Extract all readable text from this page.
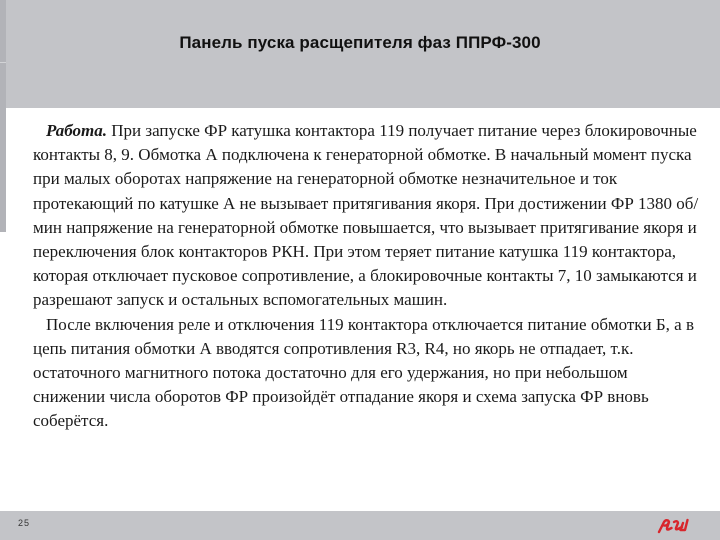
Панель пуска расщепителя фаз ППРФ-300

Работа. При запуске ФР катушка контактора 119 получает питание через блокировочные контакты 8, 9. Обмотка А подключена к генераторной обмотке. В начальный момент пуска при малых оборотах напряжение на генераторной обмотке незначительное и ток протекающий по катушке А не вызывает притягивания якоря. При достижении ФР 1380 об/мин напряжение на генераторной обмотке повышается, что вызывает притягивание якоря и переключения блок контакторов РКН. При этом теряет питание катушка 119 контактора, которая отключает пусковое сопротивление, а блокировочные контакты 7, 10 замыкаются и разрешают запуск и остальных вспомогательных машин.

После включения реле и отключения 119 контактора отключается питание обмотки Б, а в цепь питания обмотки А вводятся сопротивления R3, R4, но якорь не отпадает, т.к. остаточного магнитного потока достаточно для его удержания, но при небольшом снижении числа оборотов ФР произойдёт отпадание якоря и схема запуска ФР вновь соберётся.

25
